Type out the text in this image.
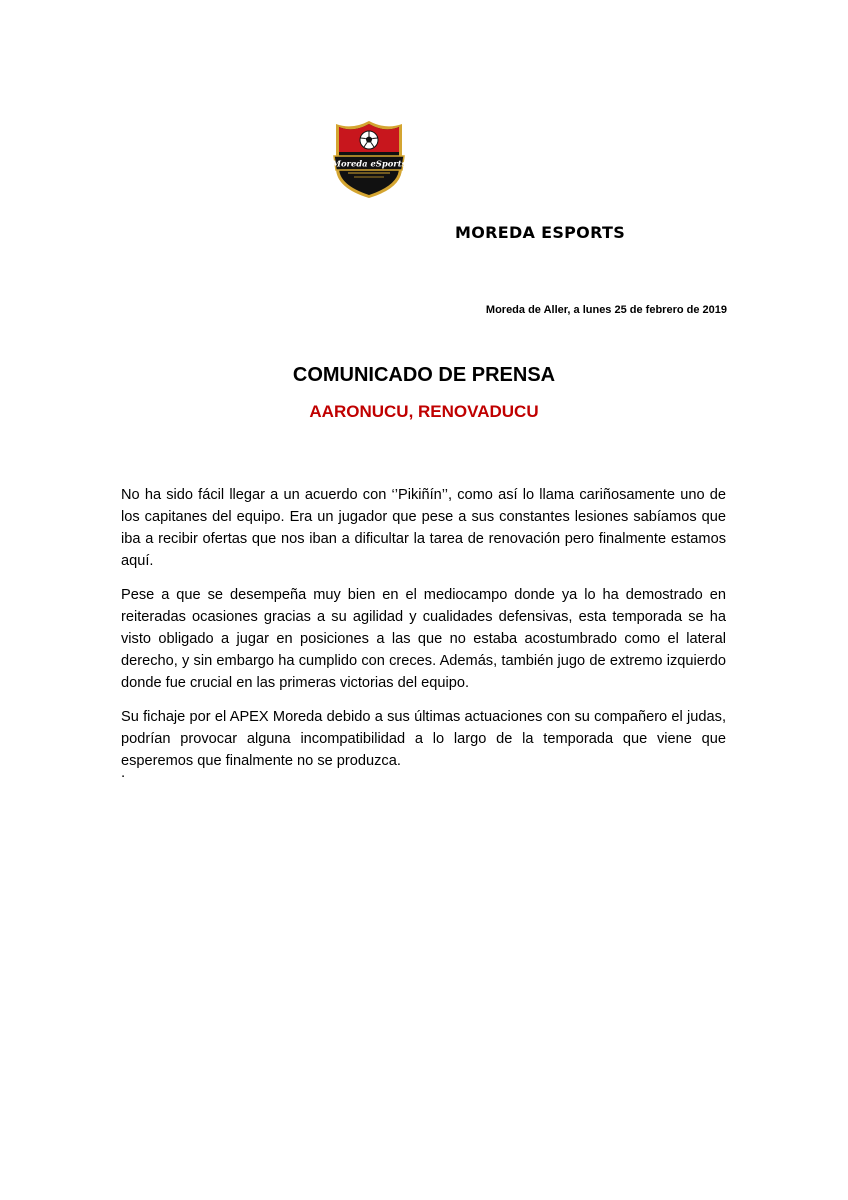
Moreda eSports
MOREDA ESPORTS
Moreda de Aller, a lunes 25 de febrero de 2019
COMUNICADO DE PRENSA
AARONUCU, RENOVADUCU

No ha sido fácil llegar a un acuerdo con ‘’Pikiñín’’, como así lo llama cariñosamente uno de los capitanes del equipo. Era un jugador que pese a sus constantes lesiones sabíamos que iba a recibir ofertas que nos iban a dificultar la tarea de renovación pero finalmente estamos aquí.

Pese a que se desempeña muy bien en el mediocampo donde ya lo ha demostrado en reiteradas ocasiones gracias a su agilidad y cualidades defensivas, esta temporada se ha visto obligado a jugar en posiciones a las que no estaba acostumbrado como el lateral derecho, y sin embargo ha cumplido con creces. Además, también jugo de extremo izquierdo donde fue crucial en las primeras victorias del equipo.

Su fichaje por el APEX Moreda debido a sus últimas actuaciones con su compañero el judas, podrían provocar alguna incompatibilidad a lo largo de la temporada que viene que esperemos que finalmente no se produzca.

.
